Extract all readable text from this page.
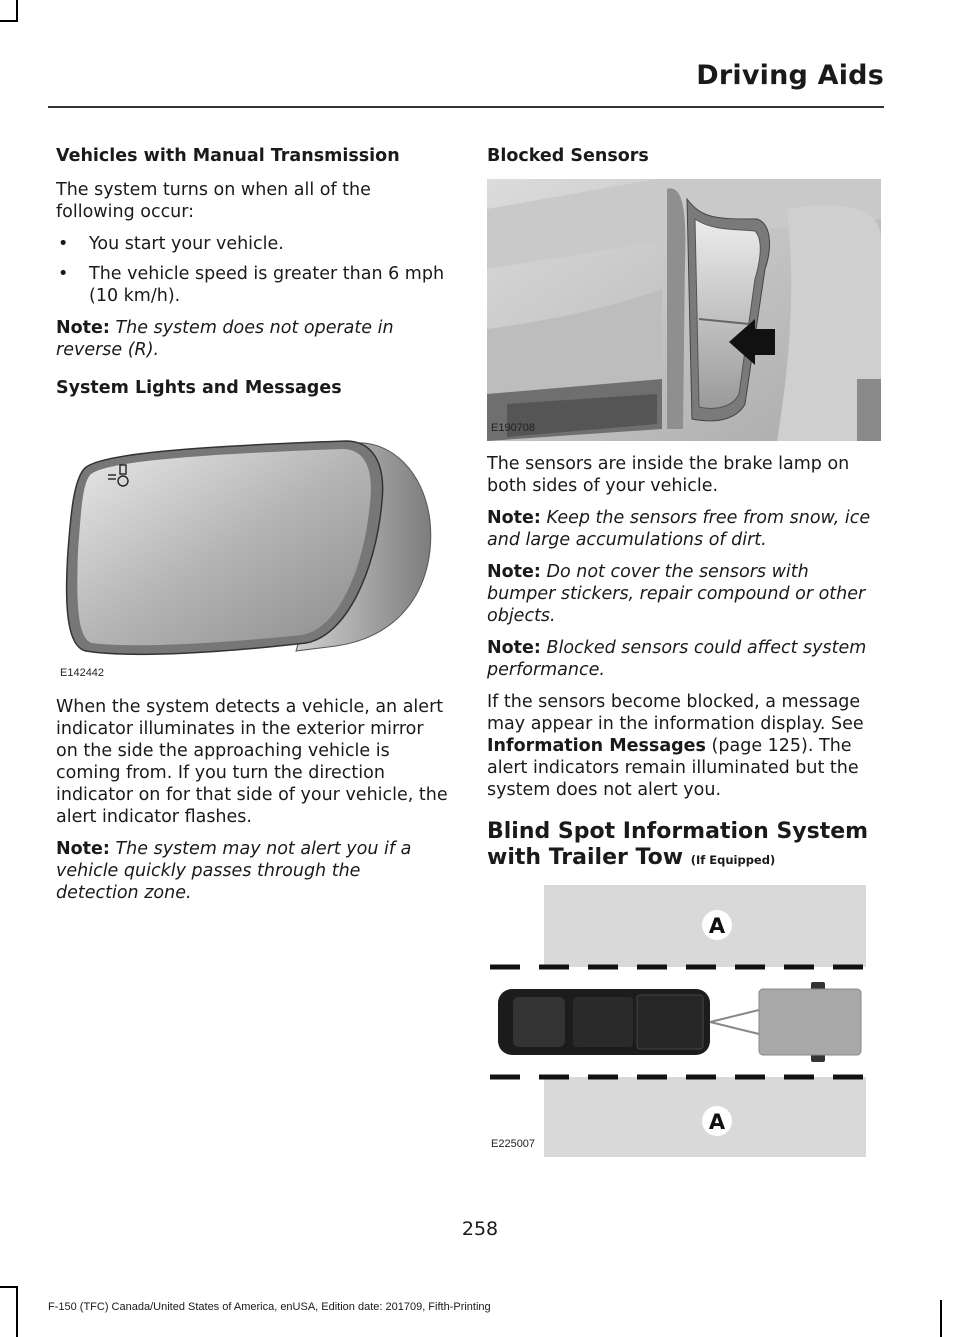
Driving Aids
Vehicles with Manual Transmission

The system turns on when all of the following occur:

• You start your vehicle.
• The vehicle speed is greater than 6 mph (10 km/h).

Note: The system does not operate in reverse (R).

System Lights and Messages
E142442

When the system detects a vehicle, an alert indicator illuminates in the exterior mirror on the side the approaching vehicle is coming from. If you turn the direction indicator on for that side of your vehicle, the alert indicator flashes.

Note: The system may not alert you if a vehicle quickly passes through the detection zone.

Blocked Sensors
E190708

The sensors are inside the brake lamp on both sides of your vehicle.

Note: Keep the sensors free from snow, ice and large accumulations of dirt.

Note: Do not cover the sensors with bumper stickers, repair compound or other objects.

Note: Blocked sensors could affect system performance.

If the sensors become blocked, a message may appear in the information display. See Information Messages (page 125). The alert indicators remain illuminated but the system does not alert you.

Blind Spot Information System with Trailer Tow (If Equipped)
A
A
E225007
258
F-150 (TFC) Canada/United States of America, enUSA, Edition date: 201709, Fifth-Printing
